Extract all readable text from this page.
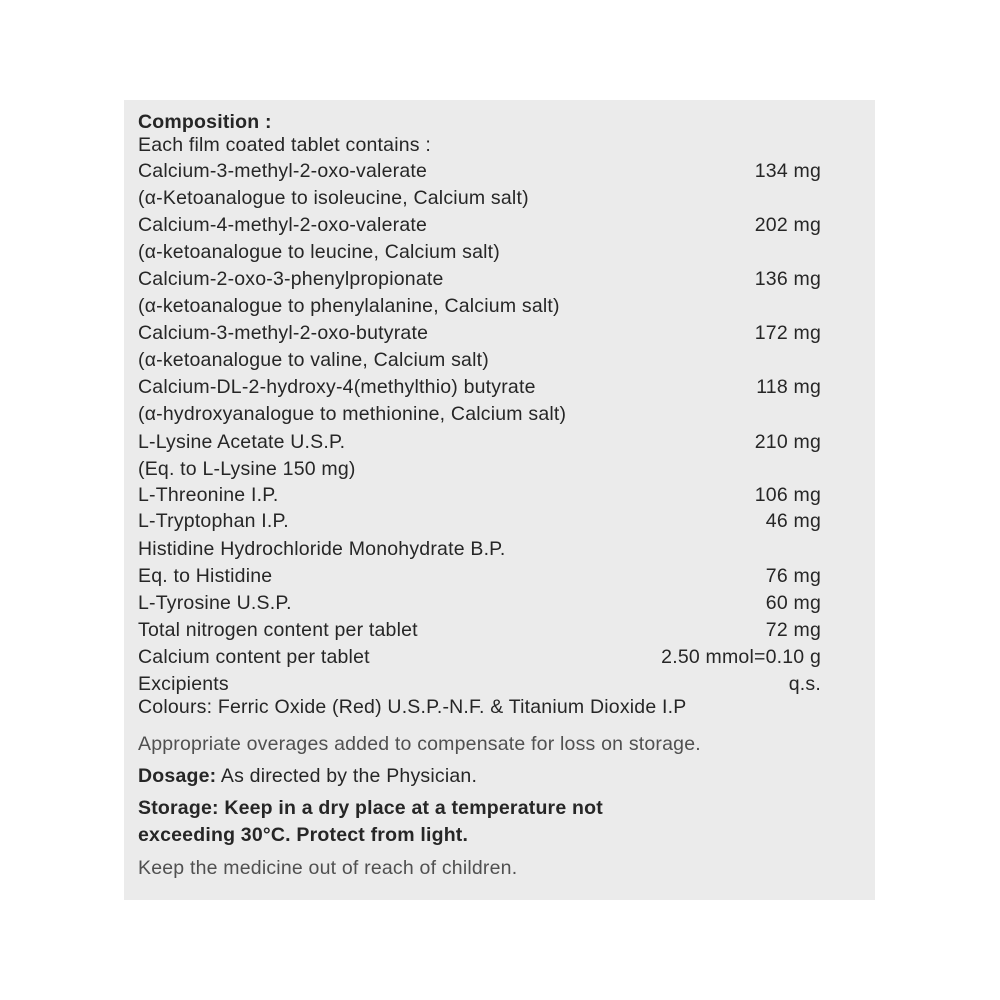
Composition :
Each film coated tablet contains :
Calcium-3-methyl-2-oxo-valerate	134 mg
(α-Ketoanalogue to isoleucine, Calcium salt)
Calcium-4-methyl-2-oxo-valerate	202 mg
(α-ketoanalogue to leucine, Calcium salt)
Calcium-2-oxo-3-phenylpropionate	136 mg
(α-ketoanalogue to phenylalanine, Calcium salt)
Calcium-3-methyl-2-oxo-butyrate	172 mg
(α-ketoanalogue to valine, Calcium salt)
Calcium-DL-2-hydroxy-4(methylthio) butyrate	118 mg
(α-hydroxyanalogue to methionine, Calcium salt)
L-Lysine Acetate U.S.P.	210 mg
(Eq. to L-Lysine 150 mg)
L-Threonine I.P.	106 mg
L-Tryptophan I.P.	46 mg
Histidine Hydrochloride Monohydrate B.P.
Eq. to Histidine	76 mg
L-Tyrosine U.S.P.	60 mg
Total nitrogen content per tablet	72 mg
Calcium content per tablet	2.50 mmol=0.10 g
Excipients	q.s.
Colours: Ferric Oxide (Red) U.S.P.-N.F. & Titanium Dioxide I.P
Appropriate overages added to compensate for loss on storage.
Dosage: As directed by the Physician.
Storage: Keep in a dry place at a temperature not
exceeding 30°C. Protect from light.
Keep the medicine out of reach of children.
